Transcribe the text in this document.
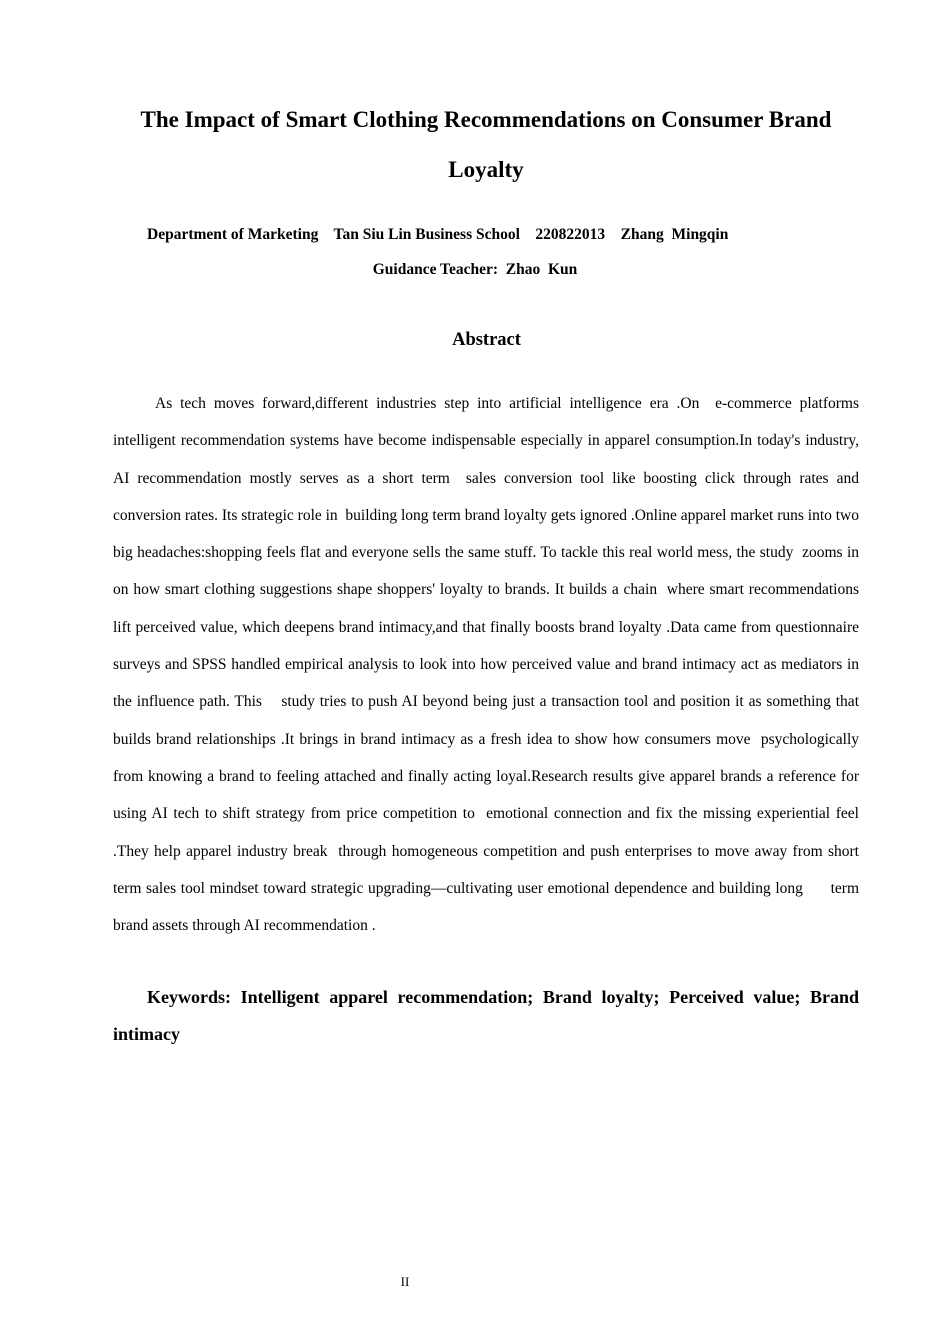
The Impact of Smart Clothing Recommendations on Consumer Brand Loyalty

Department of Marketing    Tan Siu Lin Business School    220822013    Zhang  Mingqin

Guidance Teacher:  Zhao  Kun

Abstract

As tech moves forward,different industries step into artificial intelligence era .On  e-commerce platforms intelligent recommendation systems have become indispensable especially in apparel consumption.In today's industry, AI recommendation mostly serves as a short term  sales conversion tool like boosting click through rates and conversion rates. Its strategic role in  building long term brand loyalty gets ignored .Online apparel market runs into two big headaches:shopping feels flat and everyone sells the same stuff. To tackle this real world mess, the study  zooms in on how smart clothing suggestions shape shoppers' loyalty to brands. It builds a chain  where smart recommendations lift perceived value, which deepens brand intimacy,and that finally boosts brand loyalty .Data came from questionnaire surveys and SPSS handled empirical analysis to look into how perceived value and brand intimacy act as mediators in the influence path. This    study tries to push AI beyond being just a transaction tool and position it as something that builds brand relationships .It brings in brand intimacy as a fresh idea to show how consumers move  psychologically from knowing a brand to feeling attached and finally acting loyal.Research results give apparel brands a reference for using AI tech to shift strategy from price competition to  emotional connection and fix the missing experiential feel .They help apparel industry break  through homogeneous competition and push enterprises to move away from short term sales tool mindset toward strategic upgrading—cultivating user emotional dependence and building long      term brand assets through AI recommendation .

Keywords: Intelligent apparel recommendation; Brand loyalty; Perceived value; Brand intimacy

II
